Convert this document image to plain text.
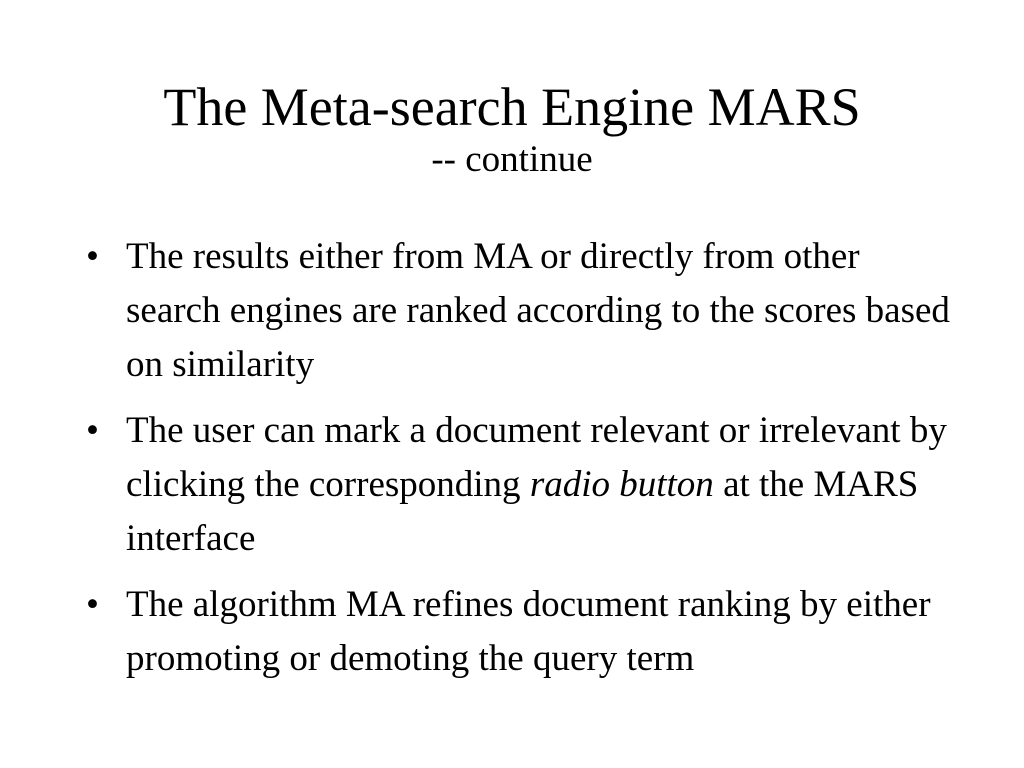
The Meta-search Engine MARS

-- continue

• The results either from MA or directly from other search engines are ranked according to the scores based on similarity
• The user can mark a document relevant or irrelevant by clicking the corresponding radio button at the MARS interface
• The algorithm MA refines document ranking by either promoting or demoting the query term
